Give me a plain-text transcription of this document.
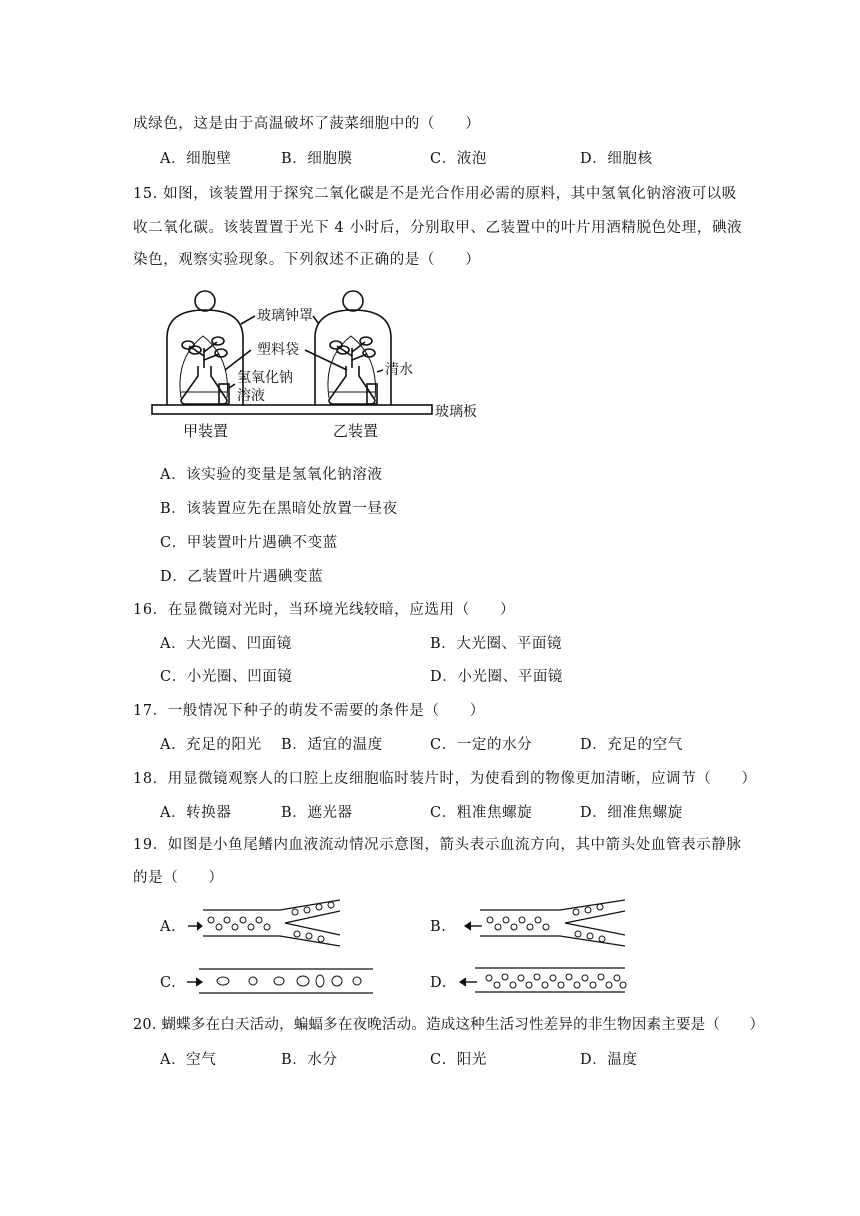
成绿色，这是由于高温破坏了菠菜细胞中的（　　）
A．细胞壁	B．细胞膜	C．液泡	D．细胞核
15. 如图，该装置用于探究二氧化碳是不是光合作用必需的原料，其中氢氧化钠溶液可以吸
收二氧化碳。该装置置于光下 4 小时后，分别取甲、乙装置中的叶片用酒精脱色处理，碘液
染色，观察实验现象。下列叙述不正确的是（　　）
玻璃钟罩
塑料袋
氢氧化钠
溶液
清水
玻璃板
甲装置	乙装置
A．该实验的变量是氢氧化钠溶液
B．该装置应先在黑暗处放置一昼夜
C．甲装置叶片遇碘不变蓝
D．乙装置叶片遇碘变蓝
16．在显微镜对光时，当环境光线较暗，应选用（　　）
A．大光圈、凹面镜	B．大光圈、平面镜
C．小光圈、凹面镜	D．小光圈、平面镜
17．一般情况下种子的萌发不需要的条件是（　　）
A．充足的阳光 B．适宜的温度	C．一定的水分	D．充足的空气
18．用显微镜观察人的口腔上皮细胞临时装片时，为使看到的物像更加清晰，应调节（　　）
A．转换器	B．遮光器	C．粗准焦螺旋	D．细准焦螺旋
19．如图是小鱼尾鳍内血液流动情况示意图，箭头表示血流方向，其中箭头处血管表示静脉
的是（　　）
A.	B.
C.	D.
20. 蝴蝶多在白天活动，蝙蝠多在夜晚活动。造成这种生活习性差异的非生物因素主要是（　　）
A．空气	B．水分	C．阳光	D．温度
